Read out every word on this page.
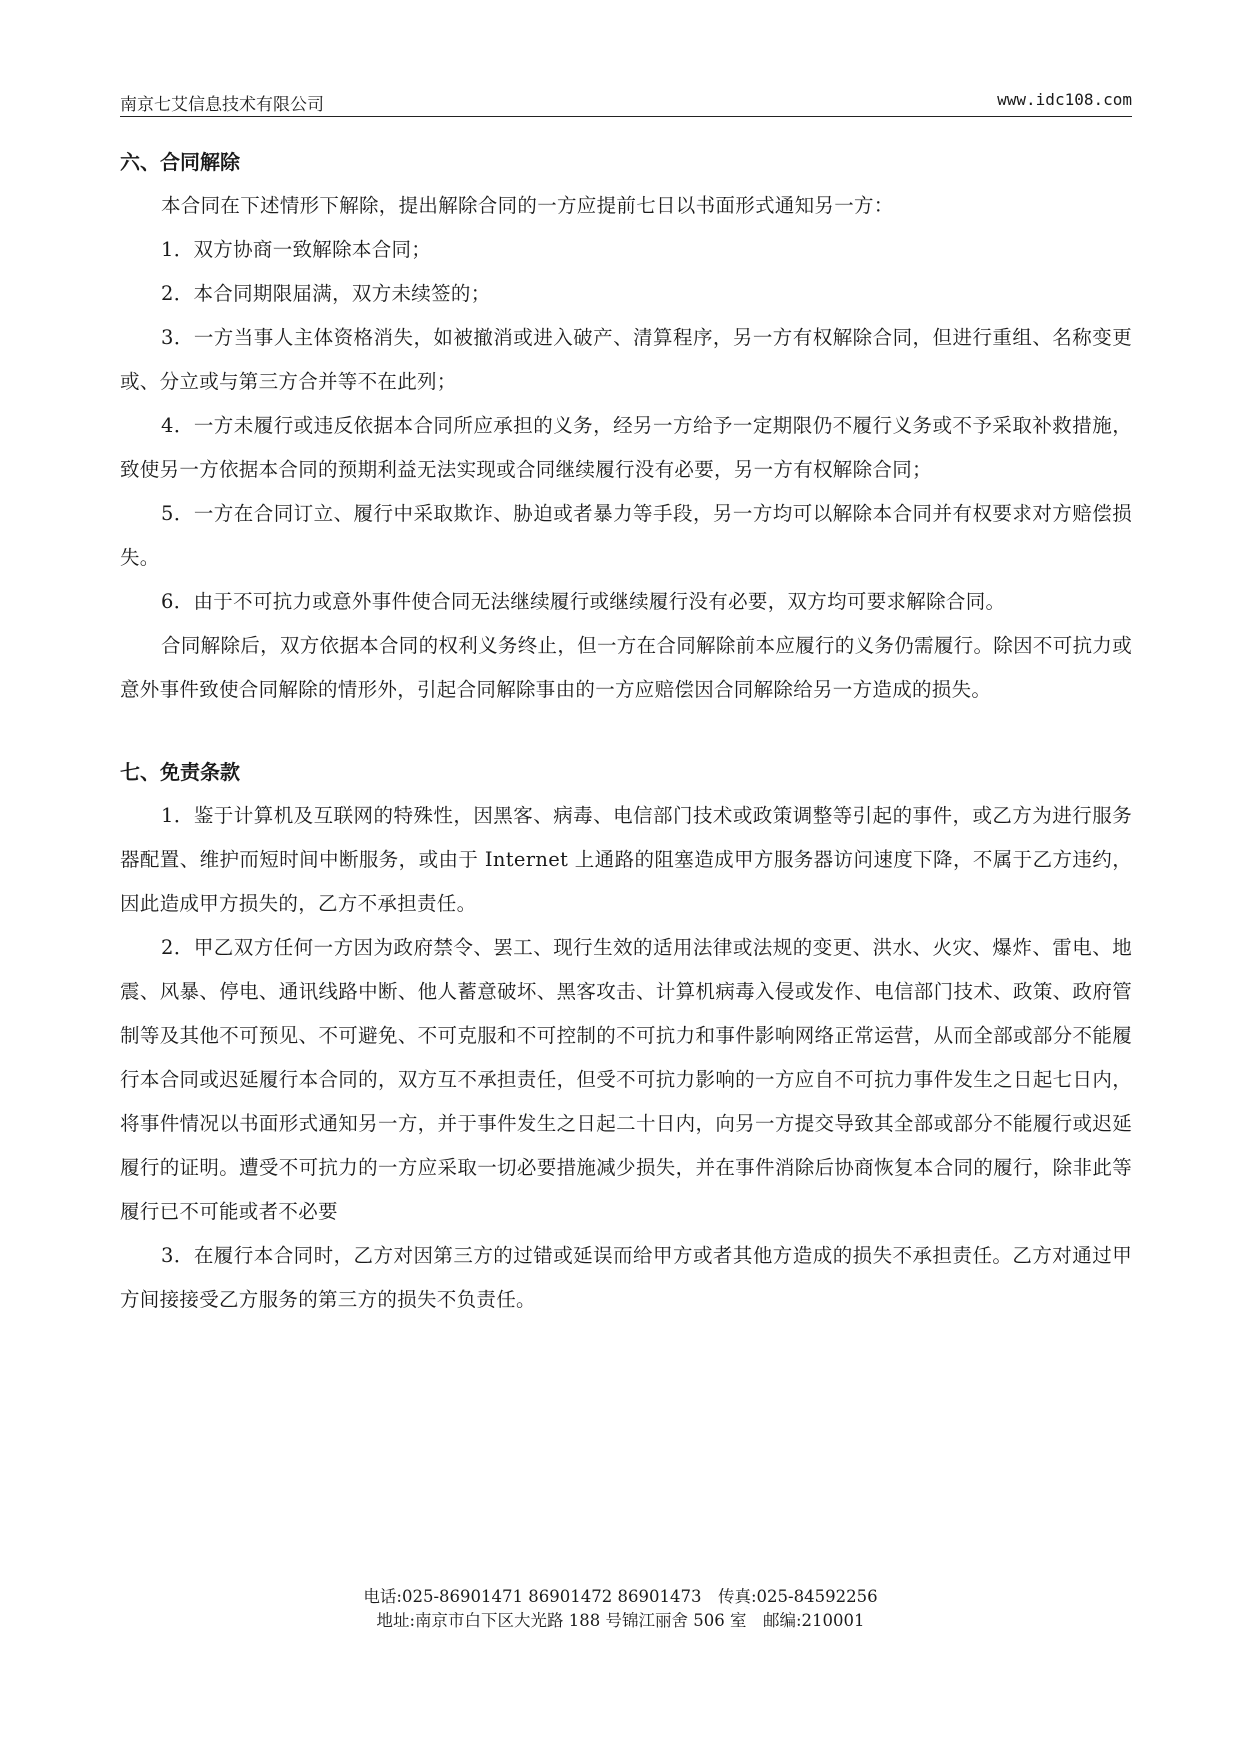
南京七艾信息技术有限公司	www.idc108.com
六、合同解除

本合同在下述情形下解除，提出解除合同的一方应提前七日以书面形式通知另一方：

1．双方协商一致解除本合同；

2．本合同期限届满，双方未续签的；

3．一方当事人主体资格消失，如被撤消或进入破产、清算程序，另一方有权解除合同，但进行重组、名称变更或、分立或与第三方合并等不在此列；

4．一方未履行或违反依据本合同所应承担的义务，经另一方给予一定期限仍不履行义务或不予采取补救措施，致使另一方依据本合同的预期利益无法实现或合同继续履行没有必要，另一方有权解除合同；

5．一方在合同订立、履行中采取欺诈、胁迫或者暴力等手段，另一方均可以解除本合同并有权要求对方赔偿损失。

6．由于不可抗力或意外事件使合同无法继续履行或继续履行没有必要，双方均可要求解除合同。

合同解除后，双方依据本合同的权利义务终止，但一方在合同解除前本应履行的义务仍需履行。除因不可抗力或意外事件致使合同解除的情形外，引起合同解除事由的一方应赔偿因合同解除给另一方造成的损失。

七、免责条款

1．鉴于计算机及互联网的特殊性，因黑客、病毒、电信部门技术或政策调整等引起的事件，或乙方为进行服务器配置、维护而短时间中断服务，或由于 Internet 上通路的阻塞造成甲方服务器访问速度下降，不属于乙方违约，因此造成甲方损失的，乙方不承担责任。

2．甲乙双方任何一方因为政府禁令、罢工、现行生效的适用法律或法规的变更、洪水、火灾、爆炸、雷电、地震、风暴、停电、通讯线路中断、他人蓄意破坏、黑客攻击、计算机病毒入侵或发作、电信部门技术、政策、政府管制等及其他不可预见、不可避免、不可克服和不可控制的不可抗力和事件影响网络正常运营，从而全部或部分不能履行本合同或迟延履行本合同的，双方互不承担责任，但受不可抗力影响的一方应自不可抗力事件发生之日起七日内，将事件情况以书面形式通知另一方，并于事件发生之日起二十日内，向另一方提交导致其全部或部分不能履行或迟延履行的证明。遭受不可抗力的一方应采取一切必要措施减少损失，并在事件消除后协商恢复本合同的履行，除非此等履行已不可能或者不必要

3．在履行本合同时，乙方对因第三方的过错或延误而给甲方或者其他方造成的损失不承担责任。乙方对通过甲方间接接受乙方服务的第三方的损失不负责任。

电话:025-86901471 86901472 86901473　传真:025-84592256
地址:南京市白下区大光路 188 号锦江丽舍 506 室　邮编:210001
